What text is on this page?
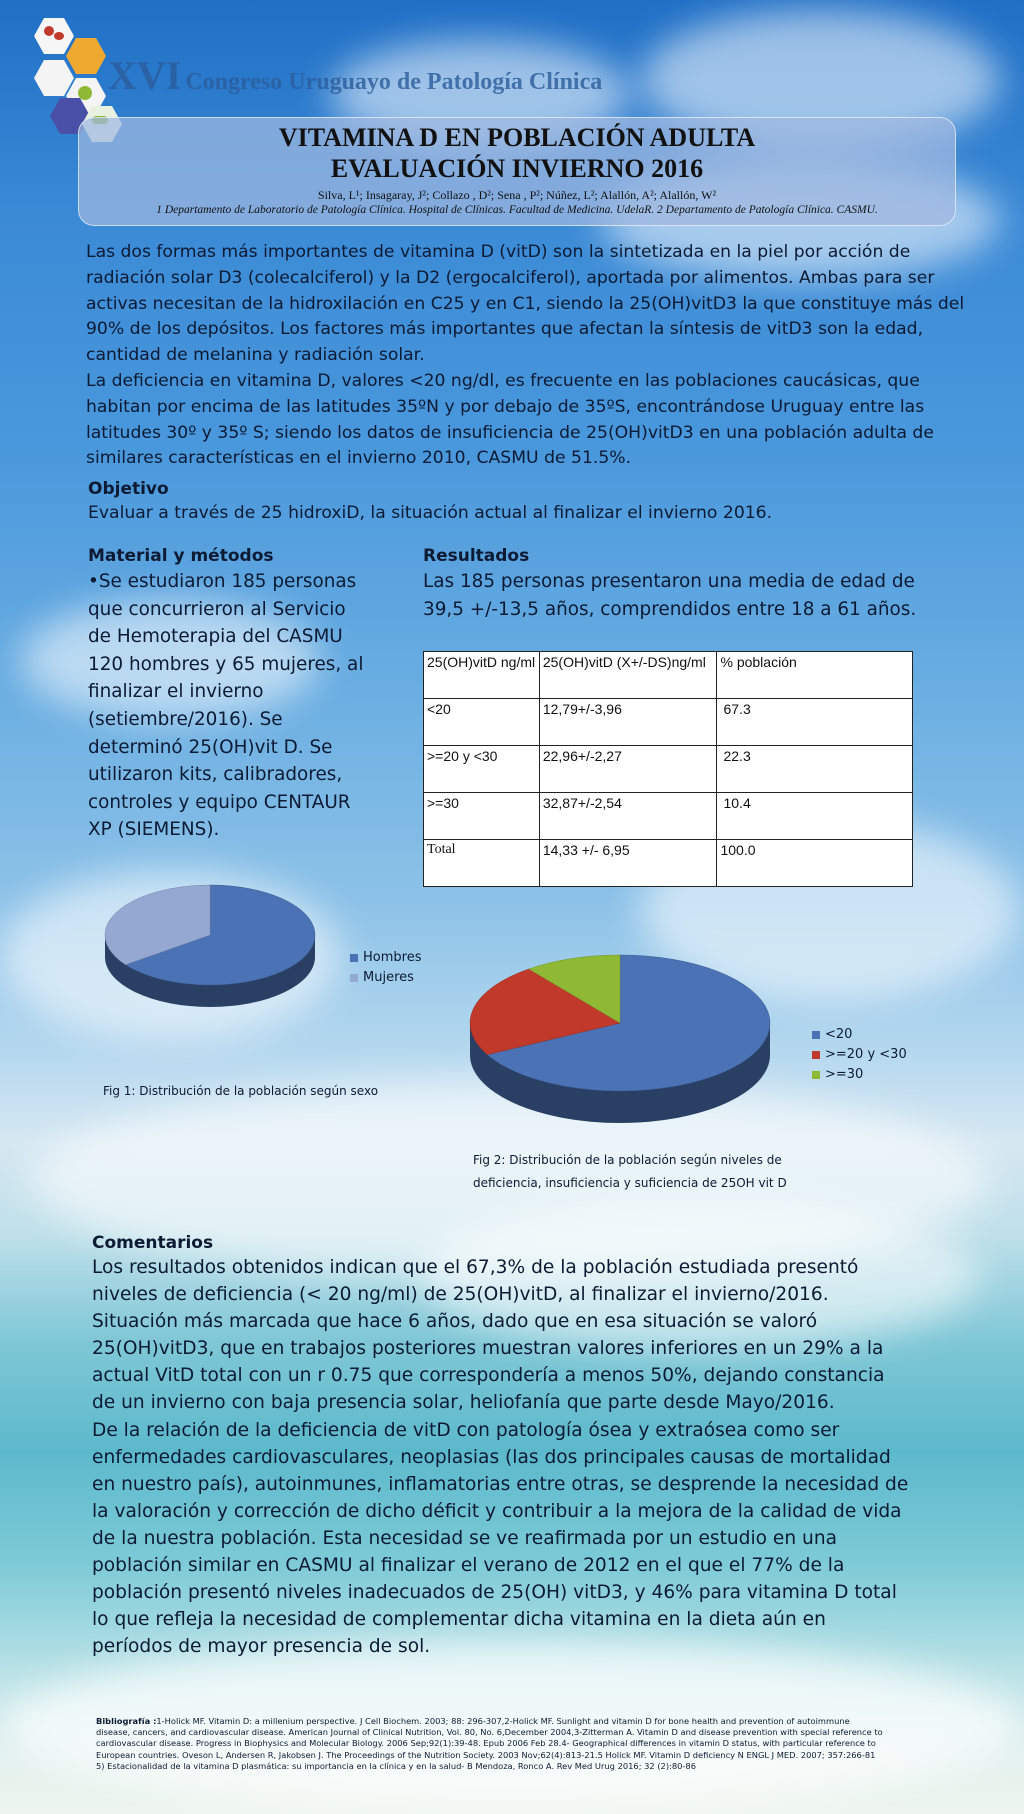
XVI Congreso Uruguayo de Patología Clínica
VITAMINA D EN POBLACIÓN ADULTA
EVALUACIÓN INVIERNO 2016
Silva, L¹; Insagaray, J²; Collazo , D²; Sena , P²; Núñez, L²; Alallón, A²; Alallón, W²
1 Departamento de Laboratorio de Patología Clínica. Hospital de Clínicas. Facultad de Medicina. UdelaR. 2 Departamento de Patología Clínica. CASMU.

Las dos formas más importantes de vitamina D (vitD) son la sintetizada en la piel por acción de radiación solar D3 (colecalciferol) y la D2 (ergocalciferol), aportada por alimentos. Ambas para ser activas necesitan de la hidroxilación en C25 y en C1, siendo la 25(OH)vitD3 la que constituye más del 90% de los depósitos. Los factores más importantes que afectan la síntesis de vitD3 son la edad, cantidad de melanina y radiación solar.

La deficiencia en vitamina D, valores <20 ng/dl, es frecuente en las poblaciones caucásicas, que habitan por encima de las latitudes 35ºN y por debajo de 35ºS, encontrándose Uruguay entre las latitudes 30º y 35º S; siendo los datos de insuficiencia de 25(OH)vitD3 en una población adulta de similares características en el invierno 2010, CASMU de 51.5%.

Objetivo
Evaluar a través de 25 hidroxiD, la situación actual al finalizar el invierno 2016.
Material y métodos
•Se estudiaron 185 personas que concurrieron al Servicio de Hemoterapia del CASMU 120 hombres y 65 mujeres, al finalizar el invierno (setiembre/2016). Se determinó 25(OH)vit D. Se utilizaron kits, calibradores, controles y equipo CENTAUR XP (SIEMENS).
Resultados
Las 185 personas presentaron una media de edad de 39,5 +/-13,5 años, comprendidos entre 18 a 61 años.
25(OH)vitD ng/ml	25(OH)vitD (X+/-DS)ng/ml	% población
<20	12,79+/-3,96	67.3
>=20 y <30	22,96+/-2,27	22.3
>=30	32,87+/-2,54	10.4
Total	14,33 +/- 6,95	100.0
Hombres
Mujeres
Fig 1: Distribución de la población según sexo
<20
>=20 y <30
>=30
Fig 2: Distribución de la población según niveles de
deficiencia, insuficiencia y suficiencia de 25OH vit D
Comentarios

Los resultados obtenidos indican que el 67,3% de la población estudiada presentó niveles de deficiencia (< 20 ng/ml) de 25(OH)vitD, al finalizar el invierno/2016. Situación más marcada que hace 6 años, dado que en esa situación se valoró 25(OH)vitD3, que en trabajos posteriores muestran valores inferiores en un 29% a la actual VitD total con un r 0.75 que correspondería a menos 50%, dejando constancia de un invierno con baja presencia solar, heliofanía que parte desde Mayo/2016.

De la relación de la deficiencia de vitD con patología ósea y extraósea como ser enfermedades cardiovasculares, neoplasias (las dos principales causas de mortalidad en nuestro país), autoinmunes, inflamatorias entre otras, se desprende la necesidad de la valoración y corrección de dicho déficit y contribuir a la mejora de la calidad de vida de la nuestra población. Esta necesidad se ve reafirmada por un estudio en una población similar en CASMU al finalizar el verano de 2012 en el que el 77% de la población presentó niveles inadecuados de 25(OH) vitD3, y 46% para vitamina D total lo que refleja la necesidad de complementar dicha vitamina en la dieta aún en períodos de mayor presencia de sol.

Bibliografía :1-Holick MF. Vitamin D: a millenium perspective. J Cell Biochem. 2003; 88: 296-307,2-Holick MF. Sunlight and vitamin D for bone health and prevention of autoimmune disease, cancers, and cardiovascular disease. American Journal of Clinical Nutrition, Vol. 80, No. 6,December 2004,3-Zitterman A. Vitamin D and disease prevention with special reference to cardiovascular disease. Progress in Biophysics and Molecular Biology. 2006 Sep;92(1):39-48. Epub 2006 Feb 28.4- Geographical differences in vitamin D status, with particular reference to European countries. Oveson L, Andersen R, Jakobsen J. The Proceedings of the Nutrition Society. 2003 Nov;62(4):813-21.5 Holick MF. Vitamin D deficiency N ENGL J MED. 2007; 357:266-81 5) Estacionalidad de la vitamina D plasmática: su importancia en la clínica y en la salud- B Mendoza, Ronco A. Rev Med Urug 2016; 32 (2):80-86
